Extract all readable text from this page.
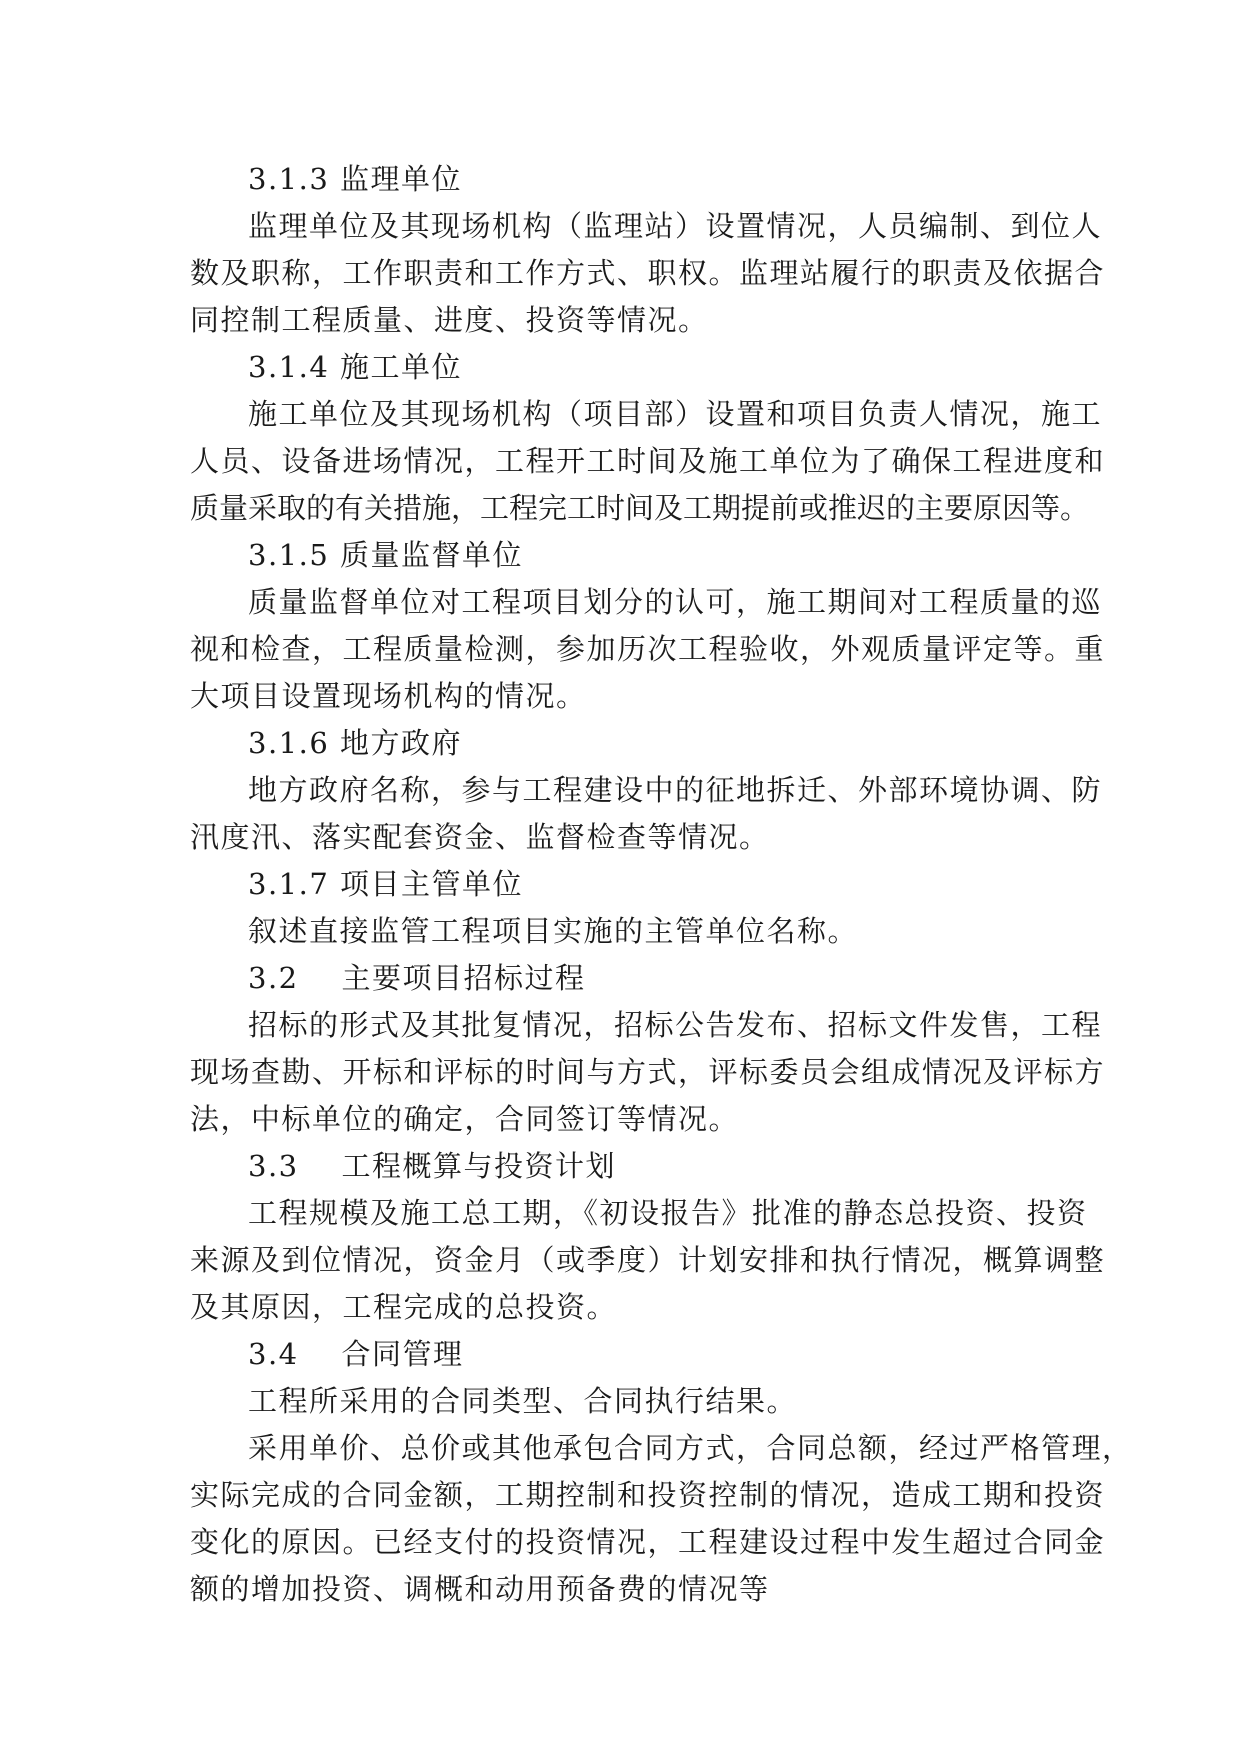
3.1.3 监理单位
监理单位及其现场机构（监理站）设置情况，人员编制、到位人
数及职称，工作职责和工作方式、职权。监理站履行的职责及依据合
同控制工程质量、进度、投资等情况。
3.1.4 施工单位
施工单位及其现场机构（项目部）设置和项目负责人情况，施工
人员、设备进场情况，工程开工时间及施工单位为了确保工程进度和
质量采取的有关措施，工程完工时间及工期提前或推迟的主要原因等。
3.1.5 质量监督单位
质量监督单位对工程项目划分的认可，施工期间对工程质量的巡
视和检查，工程质量检测，参加历次工程验收，外观质量评定等。重
大项目设置现场机构的情况。
3.1.6 地方政府
地方政府名称，参与工程建设中的征地拆迁、外部环境协调、防
汛度汛、落实配套资金、监督检查等情况。
3.1.7 项目主管单位
叙述直接监管工程项目实施的主管单位名称。
3.2    主要项目招标过程
招标的形式及其批复情况，招标公告发布、招标文件发售，工程
现场查勘、开标和评标的时间与方式，评标委员会组成情况及评标方
法，中标单位的确定，合同签订等情况。
3.3    工程概算与投资计划
工程规模及施工总工期，《初设报告》批准的静态总投资、投资
来源及到位情况，资金月（或季度）计划安排和执行情况，概算调整
及其原因，工程完成的总投资。
3.4    合同管理
工程所采用的合同类型、合同执行结果。
采用单价、总价或其他承包合同方式，合同总额，经过严格管理，
实际完成的合同金额，工期控制和投资控制的情况，造成工期和投资
变化的原因。已经支付的投资情况，工程建设过程中发生超过合同金
额的增加投资、调概和动用预备费的情况等
